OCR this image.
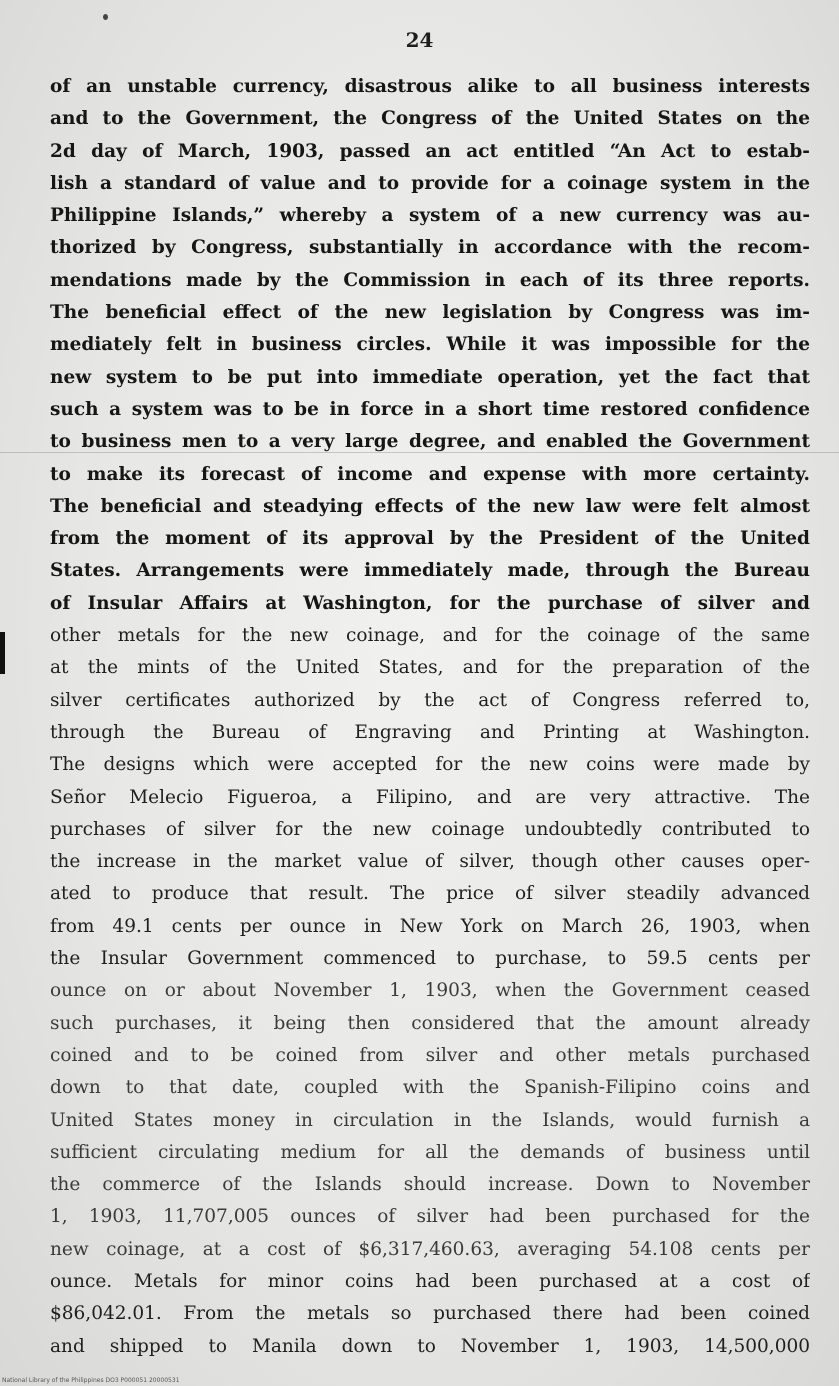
24

of an unstable currency, disastrous alike to all business interests
and to the Government, the Congress of the United States on the
2d day of March, 1903, passed an act entitled “An Act to estab-
lish a standard of value and to provide for a coinage system in the
Philippine Islands,” whereby a system of a new currency was au-
thorized by Congress, substantially in accordance with the recom-
mendations made by the Commission in each of its three reports.
The beneficial effect of the new legislation by Congress was im-
mediately felt in business circles. While it was impossible for the
new system to be put into immediate operation, yet the fact that
such a system was to be in force in a short time restored confidence
to business men to a very large degree, and enabled the Government
to make its forecast of income and expense with more certainty.
The beneficial and steadying effects of the new law were felt almost
from the moment of its approval by the President of the United
States. Arrangements were immediately made, through the Bureau
of Insular Affairs at Washington, for the purchase of silver and
other metals for the new coinage, and for the coinage of the same
at the mints of the United States, and for the preparation of the
silver certificates authorized by the act of Congress referred to,
through the Bureau of Engraving and Printing at Washington.
The designs which were accepted for the new coins were made by
Señor Melecio Figueroa, a Filipino, and are very attractive. The
purchases of silver for the new coinage undoubtedly contributed to
the increase in the market value of silver, though other causes oper-
ated to produce that result. The price of silver steadily advanced
from 49.1 cents per ounce in New York on March 26, 1903, when
the Insular Government commenced to purchase, to 59.5 cents per
ounce on or about November 1, 1903, when the Government ceased
such purchases, it being then considered that the amount already
coined and to be coined from silver and other metals purchased
down to that date, coupled with the Spanish-Filipino coins and
United States money in circulation in the Islands, would furnish a
sufficient circulating medium for all the demands of business until
the commerce of the Islands should increase. Down to November
1, 1903, 11,707,005 ounces of silver had been purchased for the
new coinage, at a cost of $6,317,460.63, averaging 54.108 cents per
ounce. Metals for minor coins had been purchased at a cost of
$86,042.01. From the metals so purchased there had been coined
and shipped to Manila down to November 1, 1903, 14,500,000

National Library of the Philippines DO3 P000051 20000531
